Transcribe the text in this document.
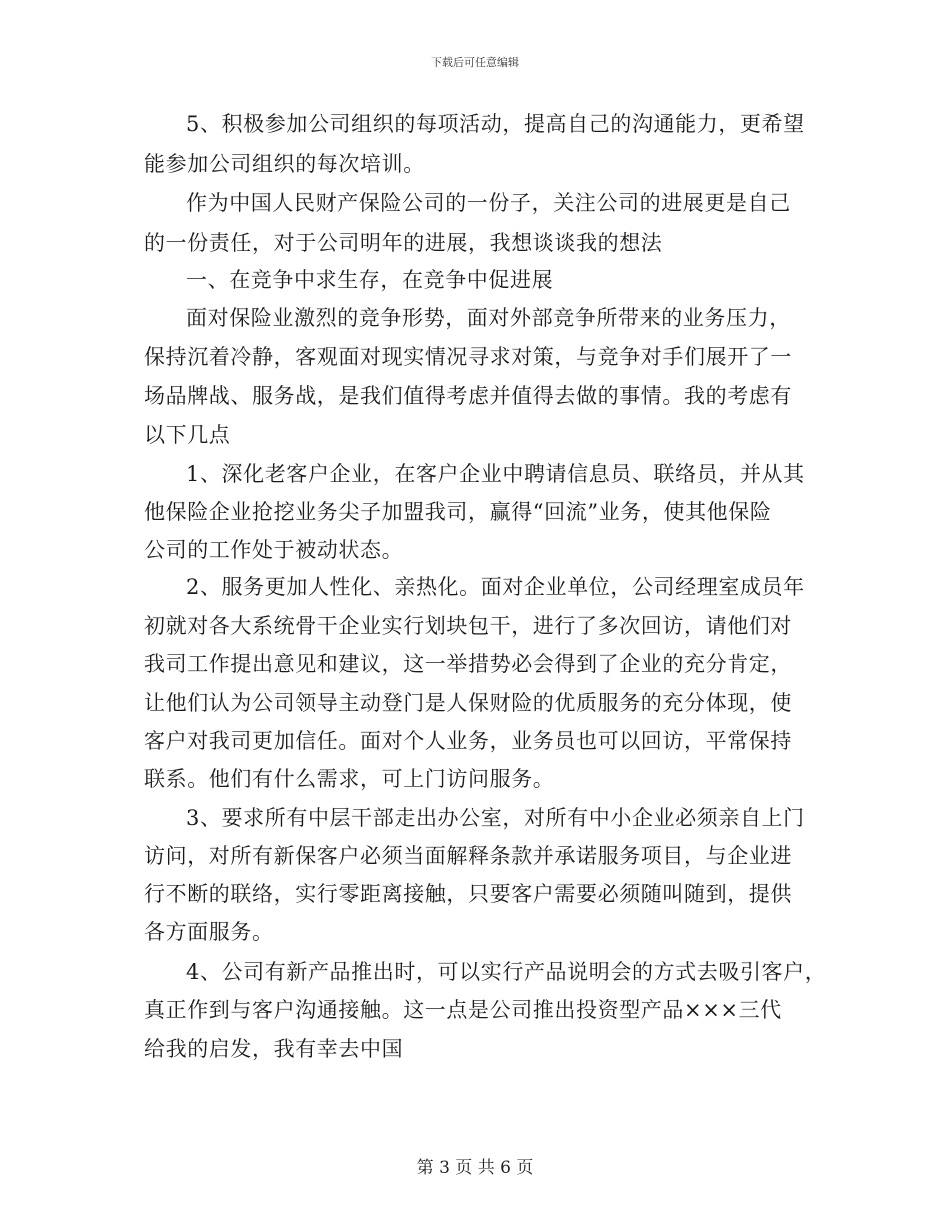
下载后可任意编辑
5、积极参加公司组织的每项活动，提高自己的沟通能力，更希望
能参加公司组织的每次培训。
作为中国人民财产保险公司的一份子，关注公司的进展更是自己
的一份责任，对于公司明年的进展，我想谈谈我的想法
一、在竞争中求生存，在竞争中促进展
面对保险业激烈的竞争形势，面对外部竞争所带来的业务压力，
保持沉着冷静，客观面对现实情况寻求对策，与竞争对手们展开了一
场品牌战、服务战，是我们值得考虑并值得去做的事情。我的考虑有
以下几点
1、深化老客户企业，在客户企业中聘请信息员、联络员，并从其
他保险企业抢挖业务尖子加盟我司，赢得“回流”业务，使其他保险
公司的工作处于被动状态。
2、服务更加人性化、亲热化。面对企业单位，公司经理室成员年
初就对各大系统骨干企业实行划块包干，进行了多次回访，请他们对
我司工作提出意见和建议，这一举措势必会得到了企业的充分肯定，
让他们认为公司领导主动登门是人保财险的优质服务的充分体现，使
客户对我司更加信任。面对个人业务，业务员也可以回访，平常保持
联系。他们有什么需求，可上门访问服务。
3、要求所有中层干部走出办公室，对所有中小企业必须亲自上门
访问，对所有新保客户必须当面解释条款并承诺服务项目，与企业进
行不断的联络，实行零距离接触，只要客户需要必须随叫随到，提供
各方面服务。
4、公司有新产品推出时，可以实行产品说明会的方式去吸引客户，
真正作到与客户沟通接触。这一点是公司推出投资型产品×××三代
给我的启发，我有幸去中国
第 3 页 共 6 页
